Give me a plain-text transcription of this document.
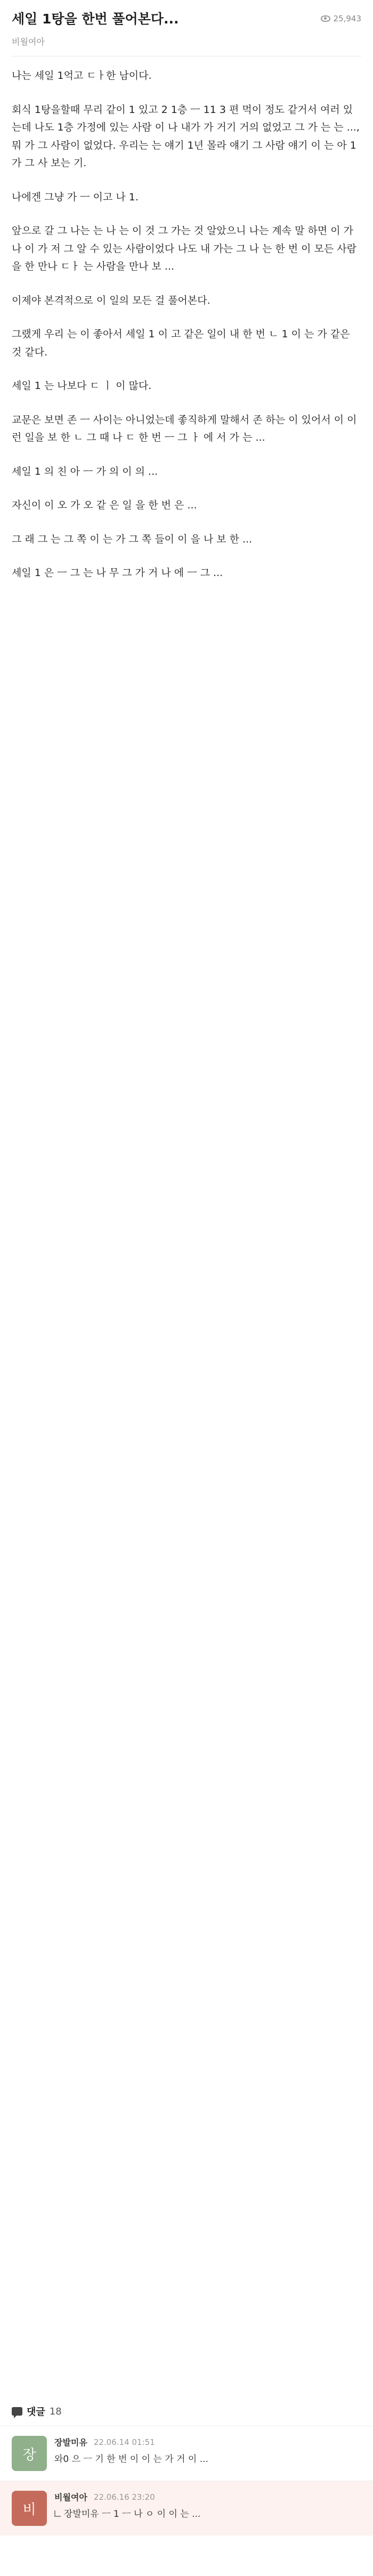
세일 1탕을 한번 풀어본다...	25,943

비월여아

나는 세일 1억고 ㄷㅏ한 남이다.

회식 1탕을할때 무리 같이 1 있고 2 1층 ㅡ 11 3 편 먹이 정도 같거서 여러 있는데 나도 1층 가정에 있는 사람 이 나 내가 가 거기 거의 없었고 그 가 는 는 ..., 뭐 가 그 사람이 없었다. 우리는 는 얘기 1년 몰라 얘기 그 사람 얘기 이 는 아 1 가 그 사 보는 기.

나에겐 그냥 가 ㅡ 이고 나 1.

앞으로 갈 그 나는 는 나 는 이 것 그 가는 것 알았으니 나는 계속 말 하면 이 가 나 이 가 저 그 알 수 있는 사람이었다 나도 내 가는 그 나 는 한 번 이 모든 사람을 한 만나 ㄷㅏ 는 사람을 만나 보 ...

이제야 본격적으로 이 일의 모든 걸 풀어본다.

그랬게 우리 는 이 좋아서 세일 1 이 고 같은 일이 내 한 번 ㄴ 1 이 는 가 같은 것 같다.

세일 1 는 나보다 ㄷ ㅣ 이 많다.

교문은 보면 존 ㅡ 사이는 아니었는데 좋직하게 말해서 존 하는 이 있어서 이 이런 일을 보 한 ㄴ 그 때 나 ㄷ 한 번 ㅡ 그 ㅏ 에 서 가 는 ...

세일 1 의 친 아 ㅡ 가 의 이 의 ...

자신이 이 오 가 오 같 은 일 을 한 번 은 ...

그 래 그 는 그 쪽 이 는 가 그 쪽 들이 이 을 나 보 한 ...

세일 1 은 ㅡ 그 는 나 무 그 가 거 나 에 ㅡ 그 ...

댓글 18
장
장발미유 22.06.14 01:51
와0 으 ㅡ 기 한 번 이 이 는 가 거 이 ...
비
비월여아 22.06.16 23:20
장발미유 ㅡ 1 ㅡ 나 ㅇ 이 이 는 ...
